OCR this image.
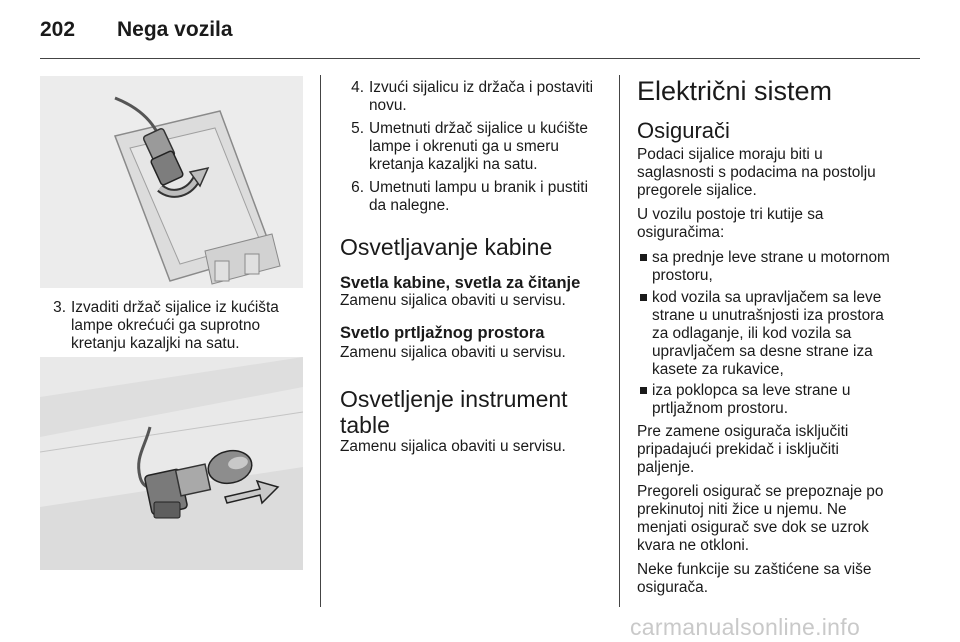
202 Nega vozila
3. Izvaditi držač sijalice iz kućišta
lampe okrećući ga suprotno
kretanju kazaljki na satu.
4. Izvući sijalicu iz držača i postaviti
novu.
5. Umetnuti držač sijalice u kućište
lampe i okrenuti ga u smeru
kretanja kazaljki na satu.
6. Umetnuti lampu u branik i pustiti
da nalegne.
Osvetljavanje kabine
Svetla kabine, svetla za čitanje

Zamenu sijalica obaviti u servisu.

Svetlo prtljažnog prostora

Zamenu sijalica obaviti u servisu.

Osvetljenje instrument
table

Zamenu sijalica obaviti u servisu.

Električni sistem
Osigurači
Podaci sijalice moraju biti u
saglasnosti s podacima na postolju
pregorele sijalice.
U vozilu postoje tri kutije sa
osiguračima:
sa prednje leve strane u motornom
prostoru,
kod vozila sa upravljačem sa leve
strane u unutrašnjosti iza prostora
za odlaganje, ili kod vozila sa
upravljačem sa desne strane iza
kasete za rukavice,
iza poklopca sa leve strane u
prtljažnom prostoru.
Pre zamene osigurača isključiti
pripadajući prekidač i isključiti
paljenje.
Pregoreli osigurač se prepoznaje po
prekinutoj niti žice u njemu. Ne
menjati osigurač sve dok se uzrok
kvara ne otkloni.
Neke funkcije su zaštićene sa više
osigurača.
carmanualsonline.info
